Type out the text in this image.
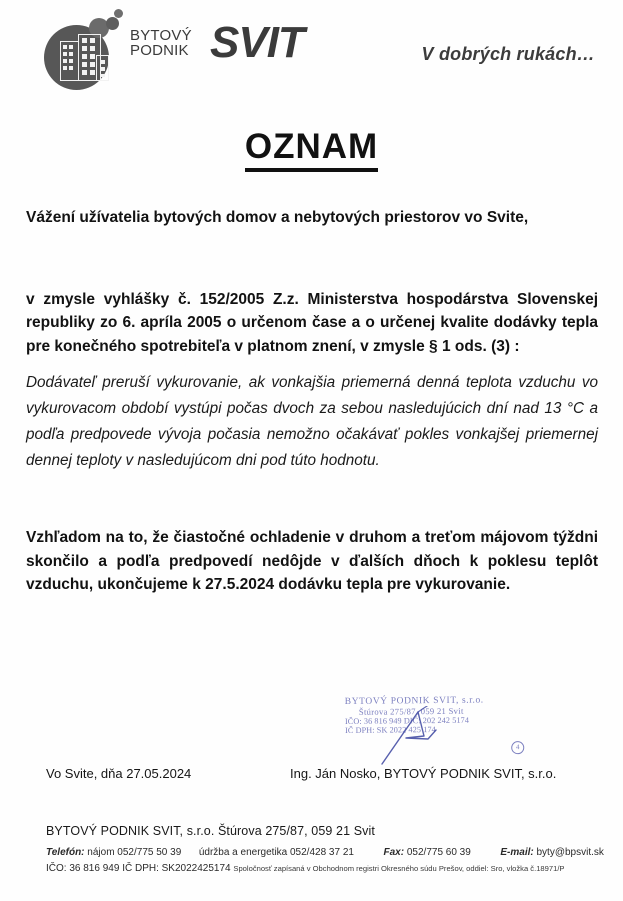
BYTOVÝ
PODNIK SVIT	V dobrých rukách…
OZNAM

Vážení užívatelia bytových domov a nebytových priestorov vo Svite,

v zmysle vyhlášky č. 152/2005 Z.z. Ministerstva hospodárstva Slovenskej republiky zo 6. apríla 2005 o určenom čase a o určenej kvalite dodávky tepla pre konečného spotrebiteľa v platnom znení, v zmysle § 1 ods. (3) :

Dodávateľ preruší vykurovanie, ak vonkajšia priemerná denná teplota vzduchu vo vykurovacom období vystúpi počas dvoch za sebou nasledujúcich dní nad 13 °C a podľa predpovede vývoja počasia nemožno očakávať pokles vonkajšej priemernej dennej teploty v nasledujúcom dni pod túto hodnotu.

Vzhľadom na to, že čiastočné ochladenie v druhom a treťom májovom týždni skončilo a podľa predpovedí nedôjde v ďalších dňoch k poklesu teplôt vzduchu, ukončujeme k 27.5.2024 dodávku tepla pre vykurovanie.

BYTOVÝ PODNIK SVIT, s.r.o.
Štúrova 275/87, 059 21 Svit
IČO: 36 816 949 DIČ: 202 242 5174
IČ DPH: SK 2022 425 174
4
Vo Svite, dňa 27.05.2024	Ing. Ján Nosko, BYTOVÝ PODNIK SVIT, s.r.o.
BYTOVÝ PODNIK SVIT, s.r.o. Štúrova 275/87, 059 21 Svit
Telefón: nájom 052/775 50 39 údržba a energetika 052/428 37 21	Fax: 052/775 60 39	E-mail: byty@bpsvit.sk
IČO: 36 816 949 IČ DPH: SK2022425174 Spoločnosť zapísaná v Obchodnom registri Okresného súdu Prešov, oddiel: Sro, vložka č.18971/P
